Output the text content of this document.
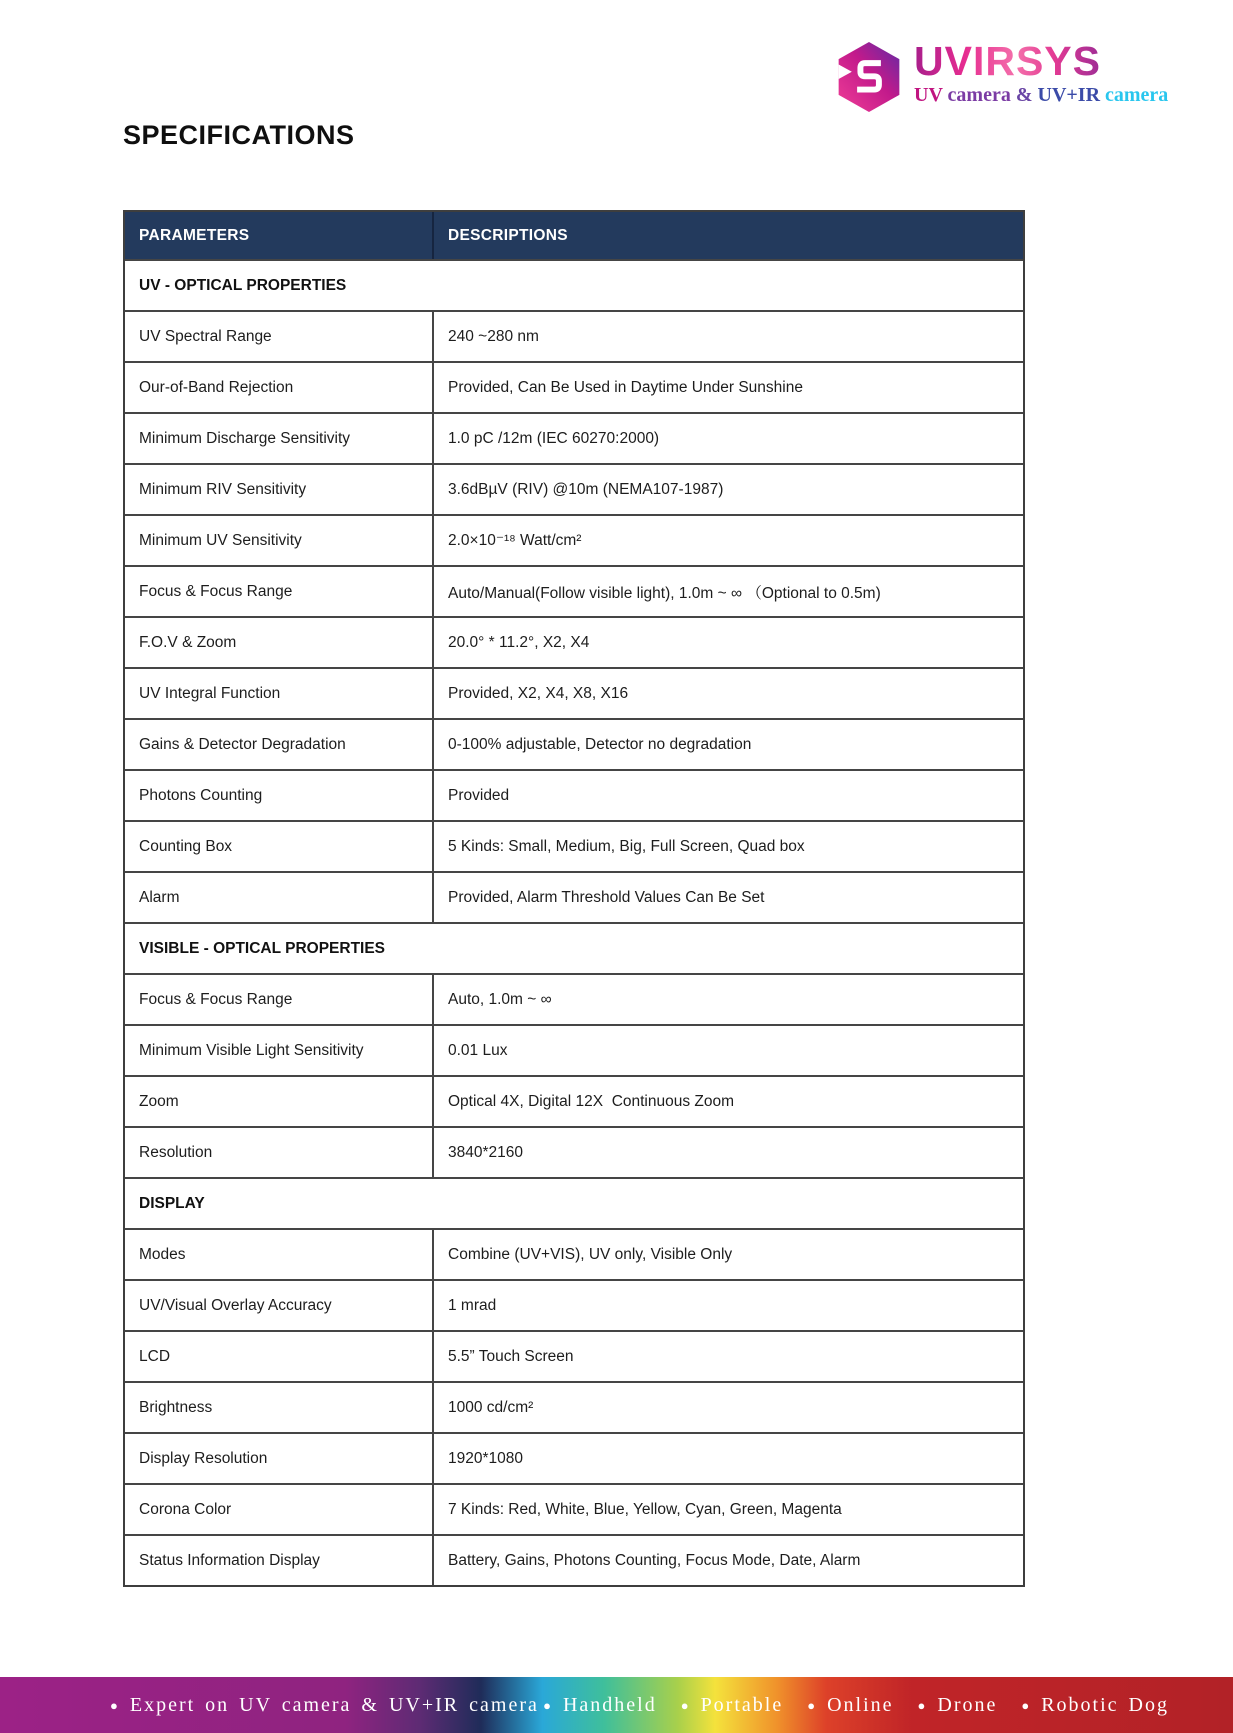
UVIRSYS
UV camera & UV+IR camera
SPECIFICATIONS
PARAMETERS	DESCRIPTIONS
UV - OPTICAL PROPERTIES
UV Spectral Range	240 ~280 nm
Our-of-Band Rejection	Provided, Can Be Used in Daytime Under Sunshine
Minimum Discharge Sensitivity	1.0 pC /12m (IEC 60270:2000)
Minimum RIV Sensitivity	3.6dBµV (RIV) @10m (NEMA107-1987)
Minimum UV Sensitivity	2.0×10⁻¹⁸ Watt/cm²
Focus & Focus Range	Auto/Manual(Follow visible light), 1.0m ~ ∞ （Optional to 0.5m)
F.O.V & Zoom	20.0° * 11.2°, X2, X4
UV Integral Function	Provided, X2, X4, X8, X16
Gains & Detector Degradation	0-100% adjustable, Detector no degradation
Photons Counting	Provided
Counting Box	5 Kinds: Small, Medium, Big, Full Screen, Quad box
Alarm	Provided, Alarm Threshold Values Can Be Set
VISIBLE - OPTICAL PROPERTIES
Focus & Focus Range	Auto, 1.0m ~ ∞
Minimum Visible Light Sensitivity	0.01 Lux
Zoom	Optical 4X, Digital 12X  Continuous Zoom
Resolution	3840*2160
DISPLAY
Modes	Combine (UV+VIS), UV only, Visible Only
UV/Visual Overlay Accuracy	1 mrad
LCD	5.5” Touch Screen
Brightness	1000 cd/cm²
Display Resolution	1920*1080
Corona Color	7 Kinds: Red, White, Blue, Yellow, Cyan, Green, Magenta
Status Information Display	Battery, Gains, Photons Counting, Focus Mode, Date, Alarm
● Expert on UV camera & UV+IR camera ● Handheld ● Portable ● Online ● Drone ● Robotic Dog
